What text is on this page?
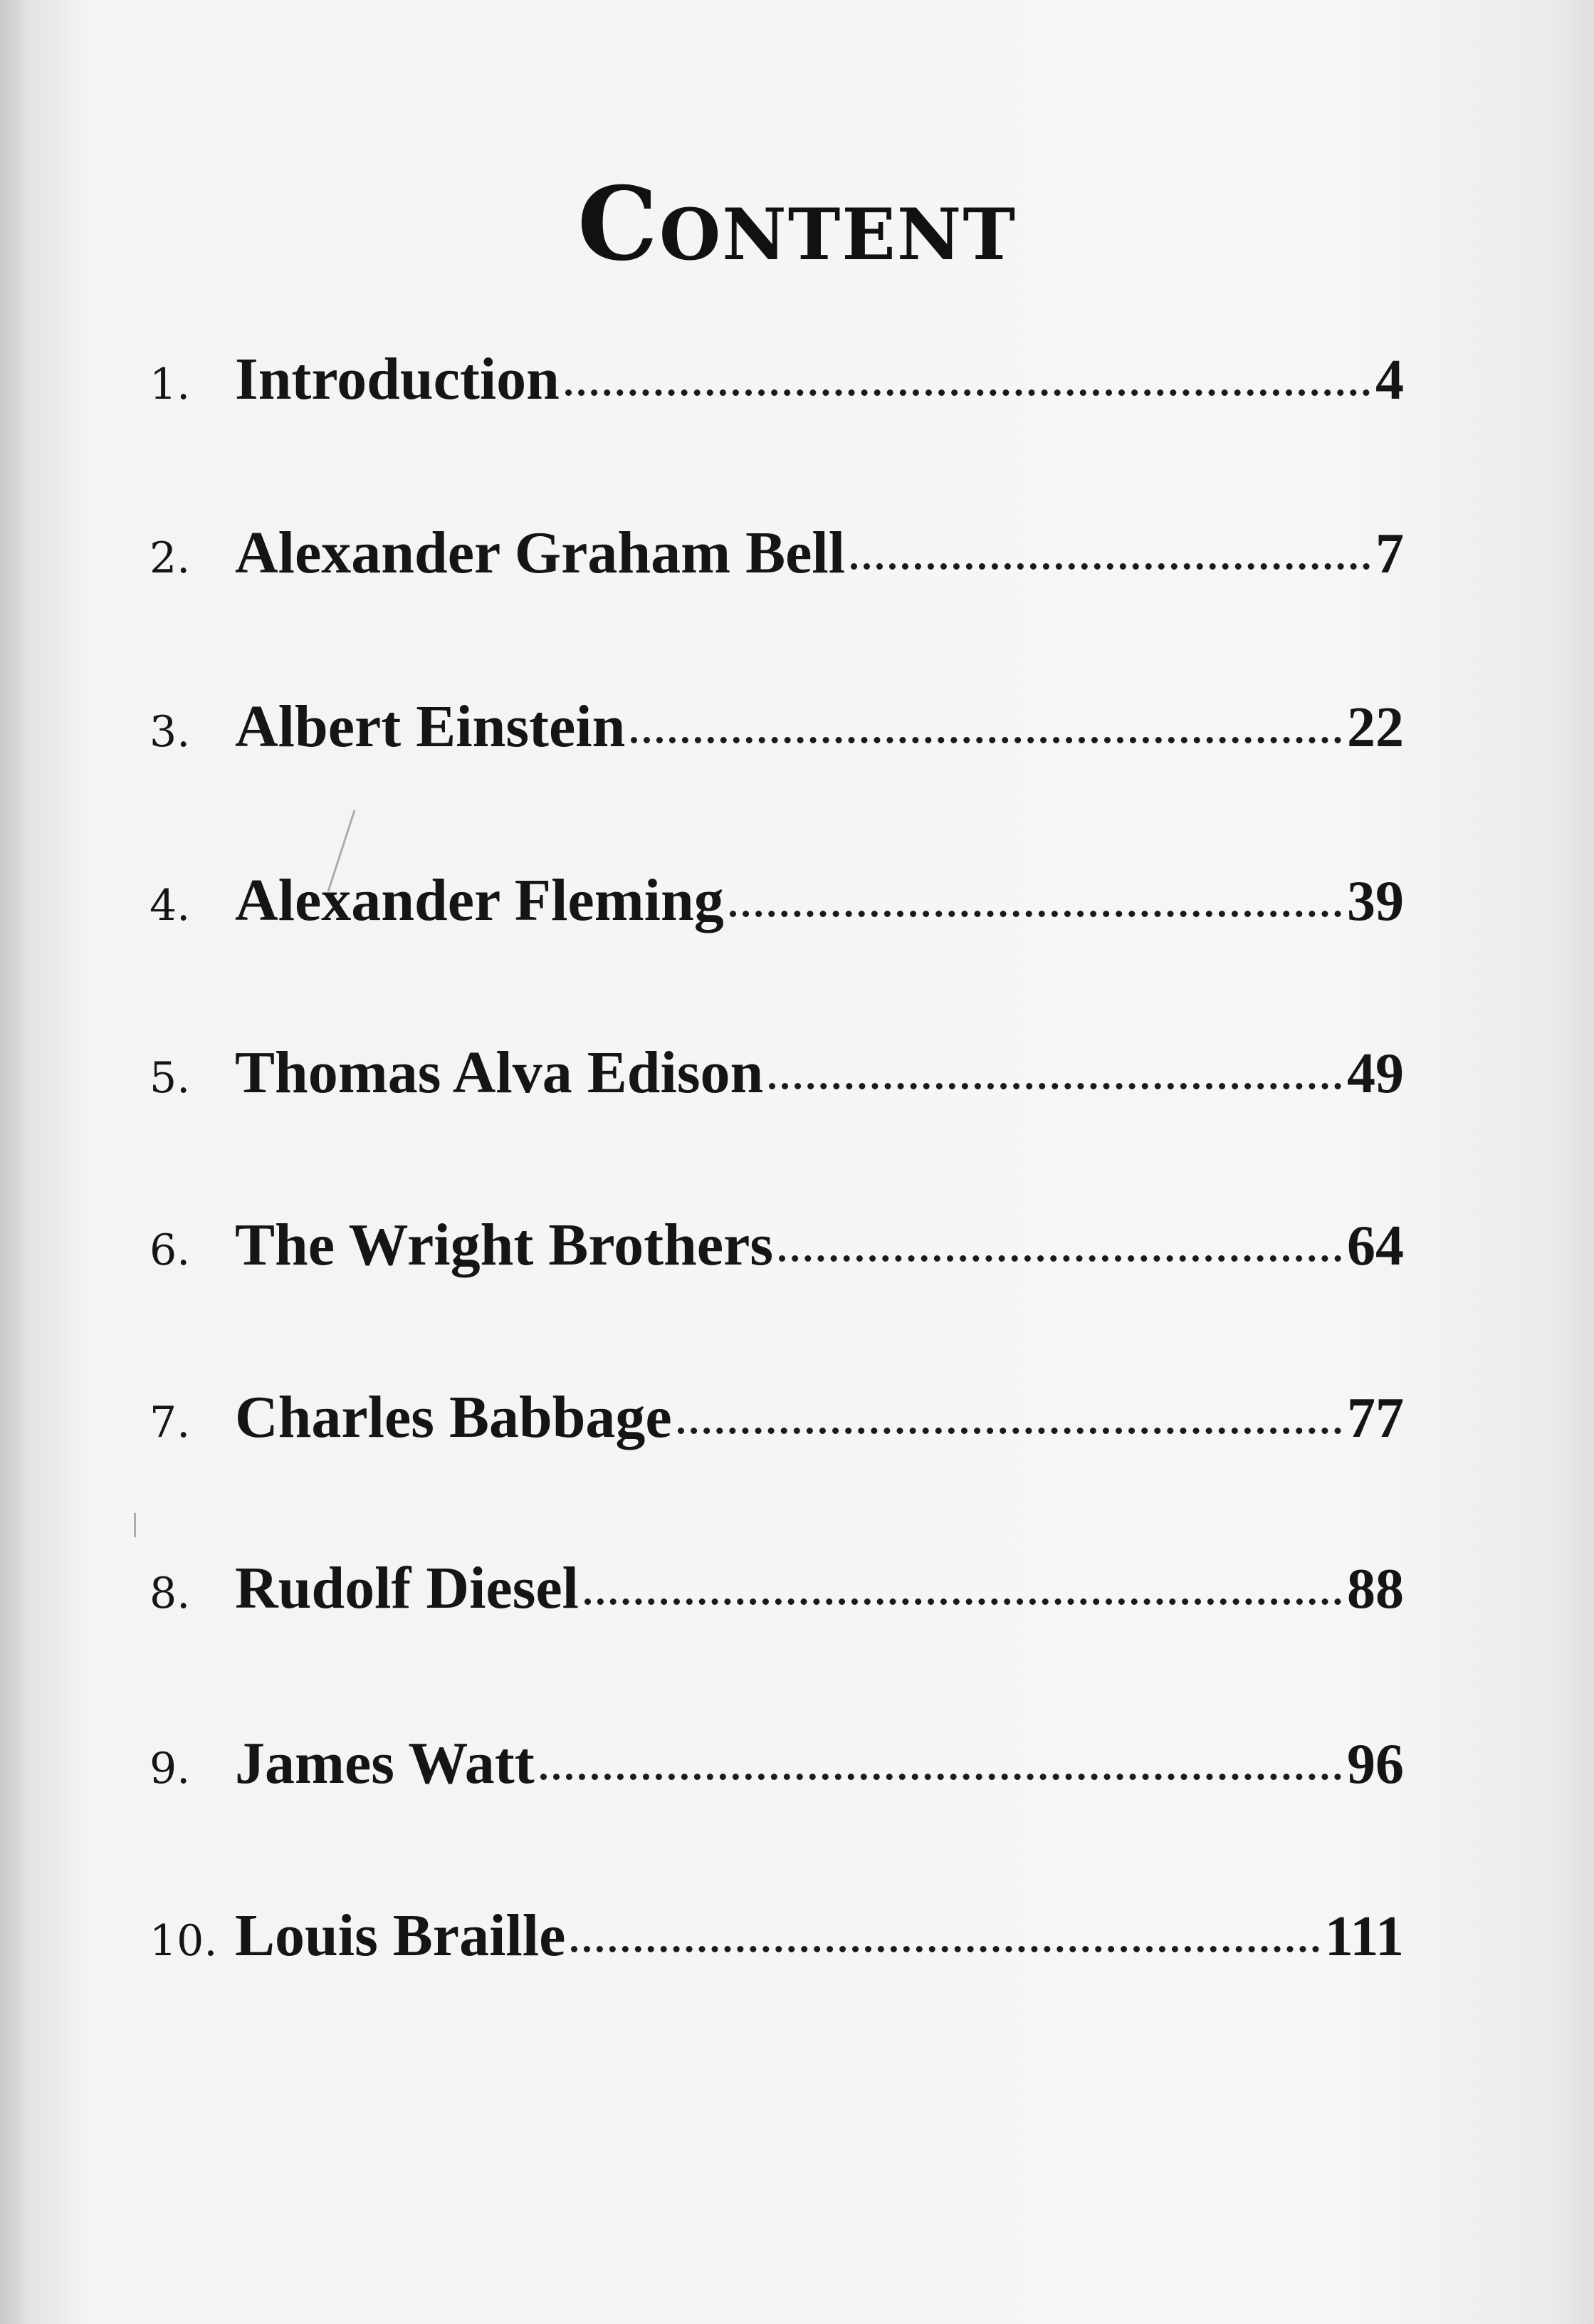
Content
1. Introduction	4
2. Alexander Graham Bell	7
3. Albert Einstein	22
4. Alexander Fleming	39
5. Thomas Alva Edison	49
6. The Wright Brothers	64
7. Charles Babbage	77
8. Rudolf Diesel	88
9. James Watt	96
10. Louis Braille	111
